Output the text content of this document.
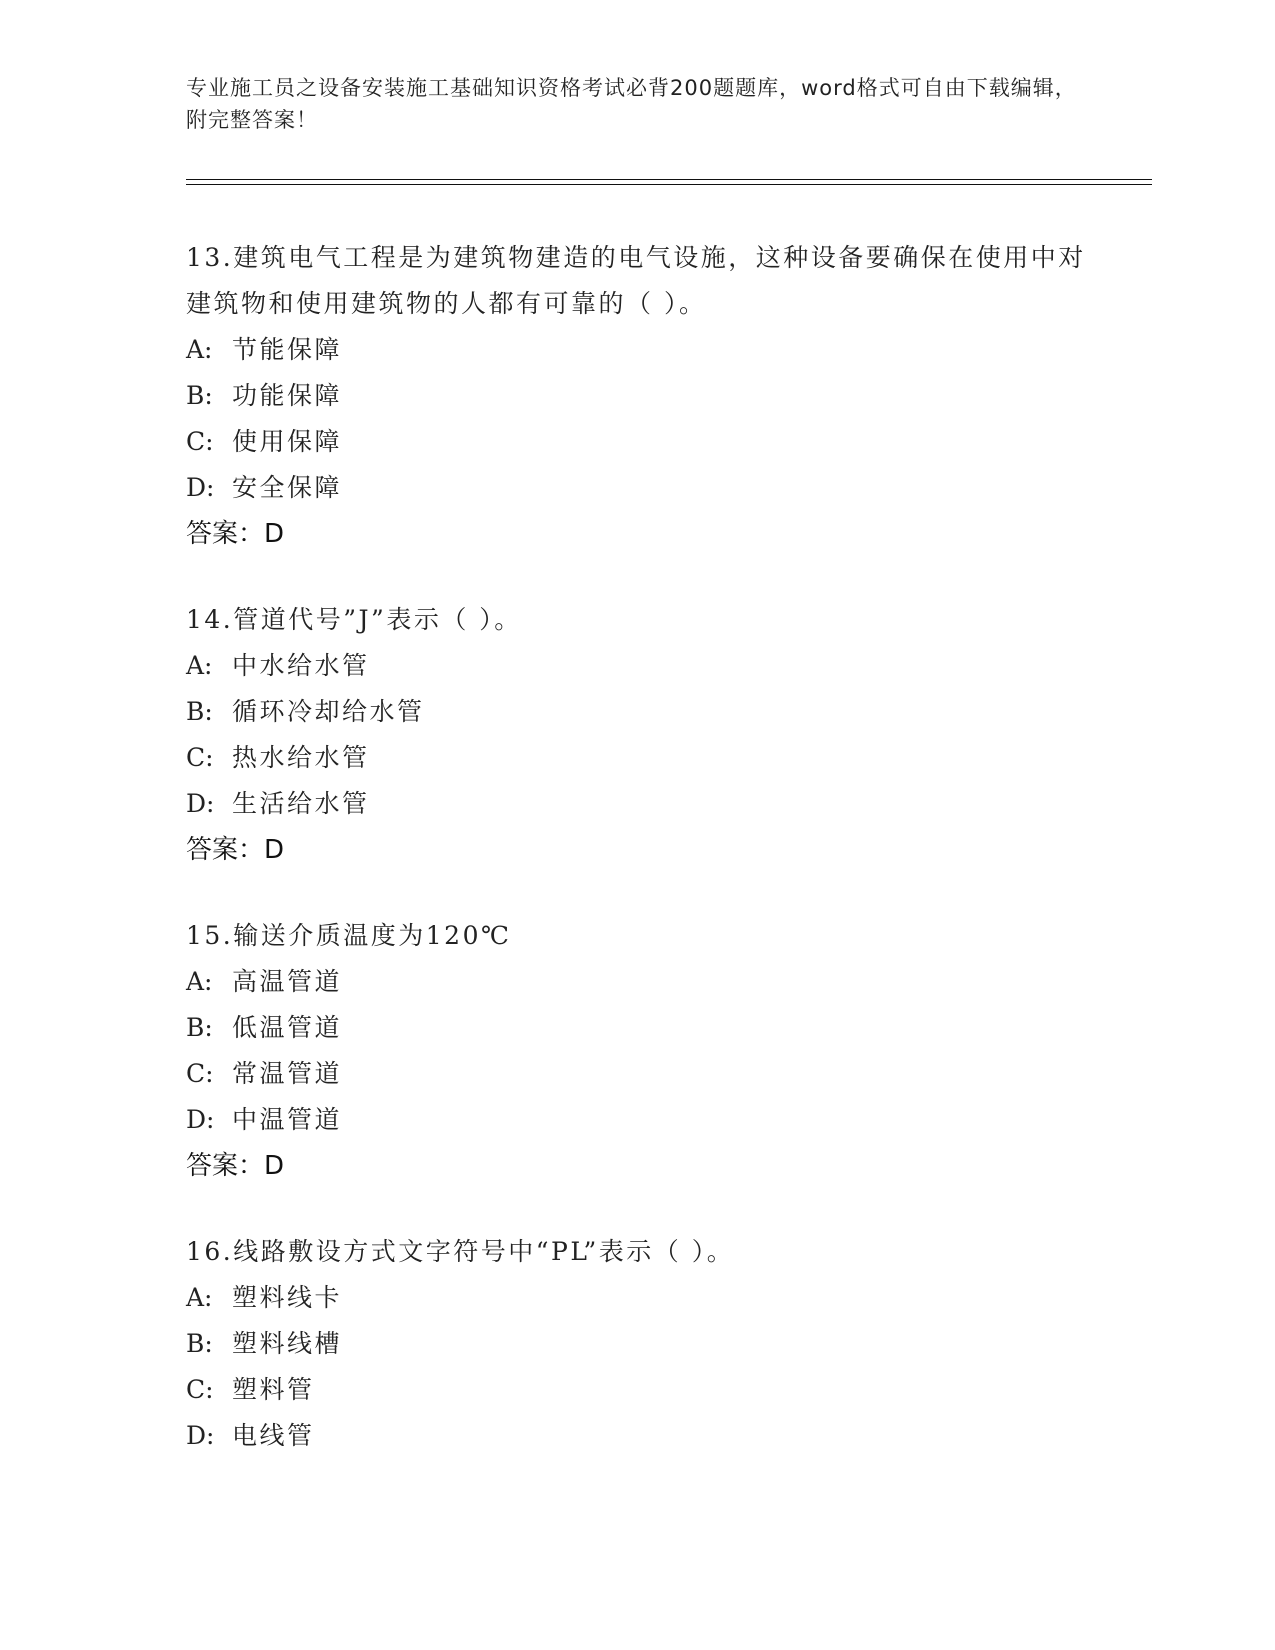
专业施工员之设备安装施工基础知识资格考试必背200题题库，word格式可自由下载编辑，附完整答案！
13.建筑电气工程是为建筑物建造的电气设施，这种设备要确保在使用中对建筑物和使用建筑物的人都有可靠的（ ）。
A: 节能保障
B: 功能保障
C: 使用保障
D: 安全保障
答案：D
14.管道代号”J”表示（ ）。
A: 中水给水管
B: 循环冷却给水管
C: 热水给水管
D: 生活给水管
答案：D
15.输送介质温度为120℃
A: 高温管道
B: 低温管道
C: 常温管道
D: 中温管道
答案：D
16.线路敷设方式文字符号中“PL”表示（ ）。
A: 塑料线卡
B: 塑料线槽
C: 塑料管
D: 电线管
